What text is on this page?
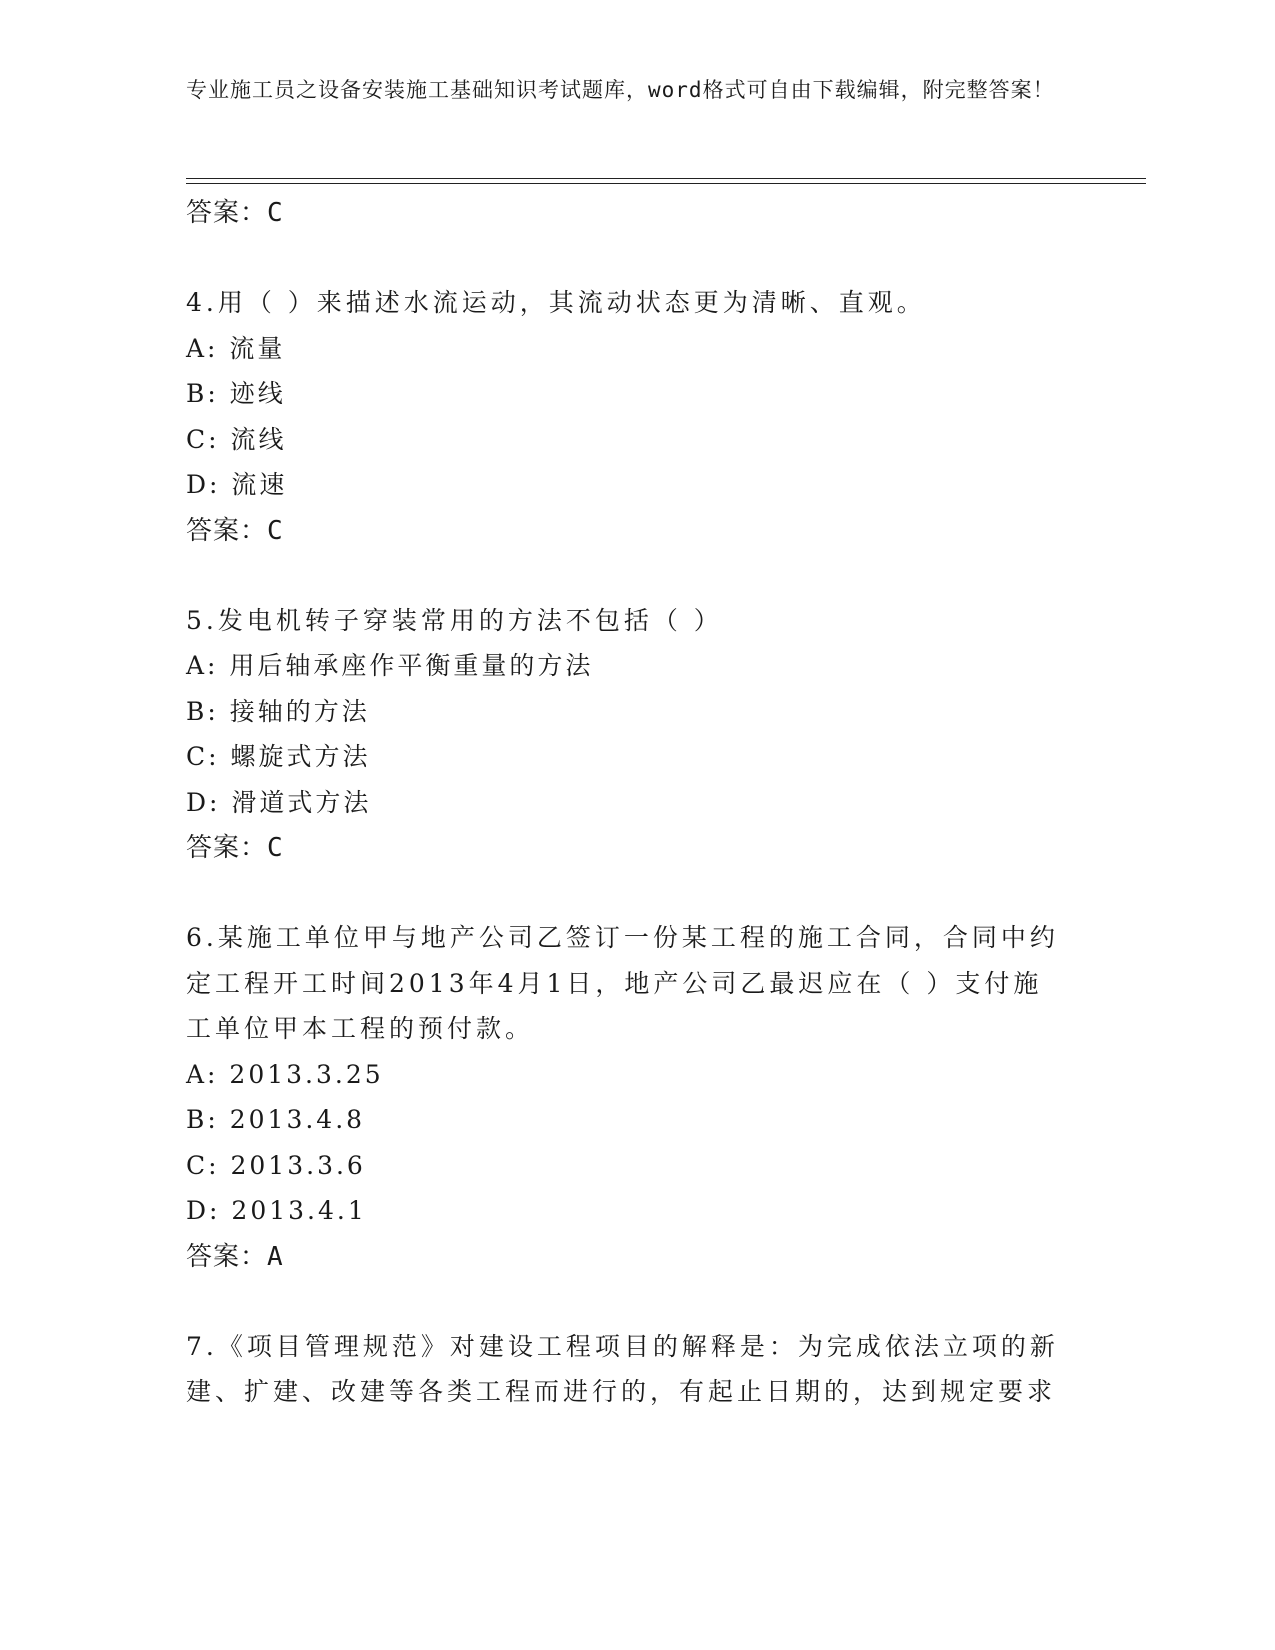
专业施工员之设备安装施工基础知识考试题库，word格式可自由下载编辑，附完整答案！
答案：C
4.用（ ）来描述水流运动，其流动状态更为清晰、直观。
A: 流量
B: 迹线
C: 流线
D: 流速
答案：C
5.发电机转子穿装常用的方法不包括（ ）
A: 用后轴承座作平衡重量的方法
B: 接轴的方法
C: 螺旋式方法
D: 滑道式方法
答案：C
6.某施工单位甲与地产公司乙签订一份某工程的施工合同，合同中约定工程开工时间2013年4月1日，地产公司乙最迟应在（ ）支付施工单位甲本工程的预付款。
A: 2013.3.25
B: 2013.4.8
C: 2013.3.6
D: 2013.4.1
答案：A
7.《项目管理规范》对建设工程项目的解释是：为完成依法立项的新建、扩建、改建等各类工程而进行的，有起止日期的，达到规定要求
